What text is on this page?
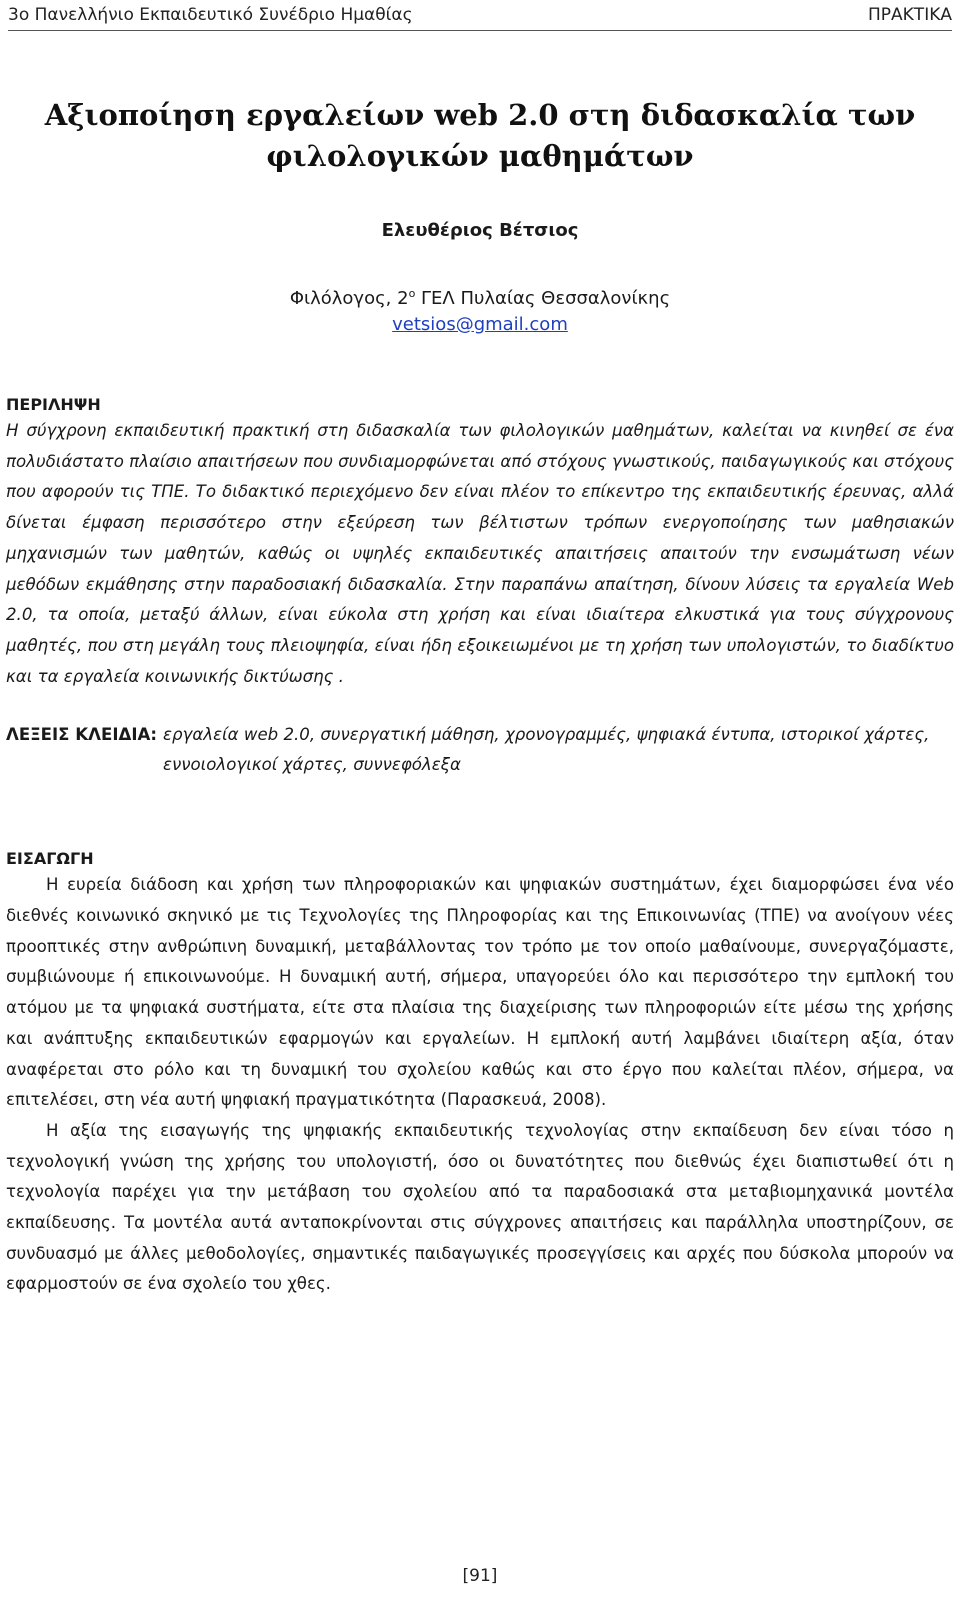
3ο Πανελλήνιο Εκπαιδευτικό Συνέδριο Ημαθίας	ΠΡΑΚΤΙΚΑ
Αξιοποίηση εργαλείων web 2.0 στη διδασκαλία των φιλολογικών μαθημάτων
Ελευθέριος Βέτσιος
Φιλόλογος, $2^o$ ΓΕΛ Πυλαίας Θεσσαλονίκης
vetsios@gmail.com
ΠΕΡΙΛΗΨΗ

Η σύγχρονη εκπαιδευτική πρακτική στη διδασκαλία των φιλολογικών μαθημάτων, καλείται να κινηθεί σε ένα πολυδιάστατο πλαίσιο απαιτήσεων που συνδιαμορφώνεται από στόχους γνωστικούς, παιδαγωγικούς και στόχους που αφορούν τις ΤΠΕ. Το διδακτικό περιεχόμενο δεν είναι πλέον το επίκεντρο της εκπαιδευτικής έρευνας, αλλά δίνεται έμφαση περισσότερο στην εξεύρεση των βέλτιστων τρόπων ενεργοποίησης των μαθησιακών μηχανισμών των μαθητών, καθώς οι υψηλές εκπαιδευτικές απαιτήσεις απαιτούν την ενσωμάτωση νέων μεθόδων εκμάθησης στην παραδοσιακή διδασκαλία. Στην παραπάνω απαίτηση, δίνουν λύσεις τα εργαλεία Web 2.0, τα οποία, μεταξύ άλλων, είναι εύκολα στη χρήση και είναι ιδιαίτερα ελκυστικά για τους σύγχρονους μαθητές, που στη μεγάλη τους πλειοψηφία, είναι ήδη εξοικειωμένοι με τη χρήση των υπολογιστών, το διαδίκτυο και τα εργαλεία κοινωνικής δικτύωσης .

ΛΕΞΕΙΣ ΚΛΕΙΔΙΑ: εργαλεία web 2.0, συνεργατική μάθηση, χρονογραμμές, ψηφιακά έντυπα, ιστορικοί χάρτες, εννοιολογικοί χάρτες, συννεφόλεξα
ΕΙΣΑΓΩΓΗ

Η ευρεία διάδοση και χρήση των πληροφοριακών και ψηφιακών συστημάτων, έχει διαμορφώσει ένα νέο διεθνές κοινωνικό σκηνικό με τις Τεχνολογίες της Πληροφορίας και της Επικοινωνίας (ΤΠΕ) να ανοίγουν νέες προοπτικές στην ανθρώπινη δυναμική, μεταβάλλοντας τον τρόπο με τον οποίο μαθαίνουμε, συνεργαζόμαστε, συμβιώνουμε ή επικοινωνούμε. Η δυναμική αυτή, σήμερα, υπαγορεύει όλο και περισσότερο την εμπλοκή του ατόμου με τα ψηφιακά συστήματα, είτε στα πλαίσια της διαχείρισης των πληροφοριών είτε μέσω της χρήσης και ανάπτυξης εκπαιδευτικών εφαρμογών και εργαλείων. Η εμπλοκή αυτή λαμβάνει ιδιαίτερη αξία, όταν αναφέρεται στο ρόλο και τη δυναμική του σχολείου καθώς και στο έργο που καλείται πλέον, σήμερα, να επιτελέσει, στη νέα αυτή ψηφιακή πραγματικότητα (Παρασκευά, 2008).

Η αξία της εισαγωγής της ψηφιακής εκπαιδευτικής τεχνολογίας στην εκπαίδευση δεν είναι τόσο η τεχνολογική γνώση της χρήσης του υπολογιστή, όσο οι δυνατότητες που διεθνώς έχει διαπιστωθεί ότι η τεχνολογία παρέχει για την μετάβαση του σχολείου από τα παραδοσιακά στα μεταβιομηχανικά μοντέλα εκπαίδευσης. Τα μοντέλα αυτά ανταποκρίνονται στις σύγχρονες απαιτήσεις και παράλληλα υποστηρίζουν, σε συνδυασμό με άλλες μεθοδολογίες, σημαντικές παιδαγωγικές προσεγγίσεις και αρχές που δύσκολα μπορούν να εφαρμοστούν σε ένα σχολείο του χθες.

[91]
